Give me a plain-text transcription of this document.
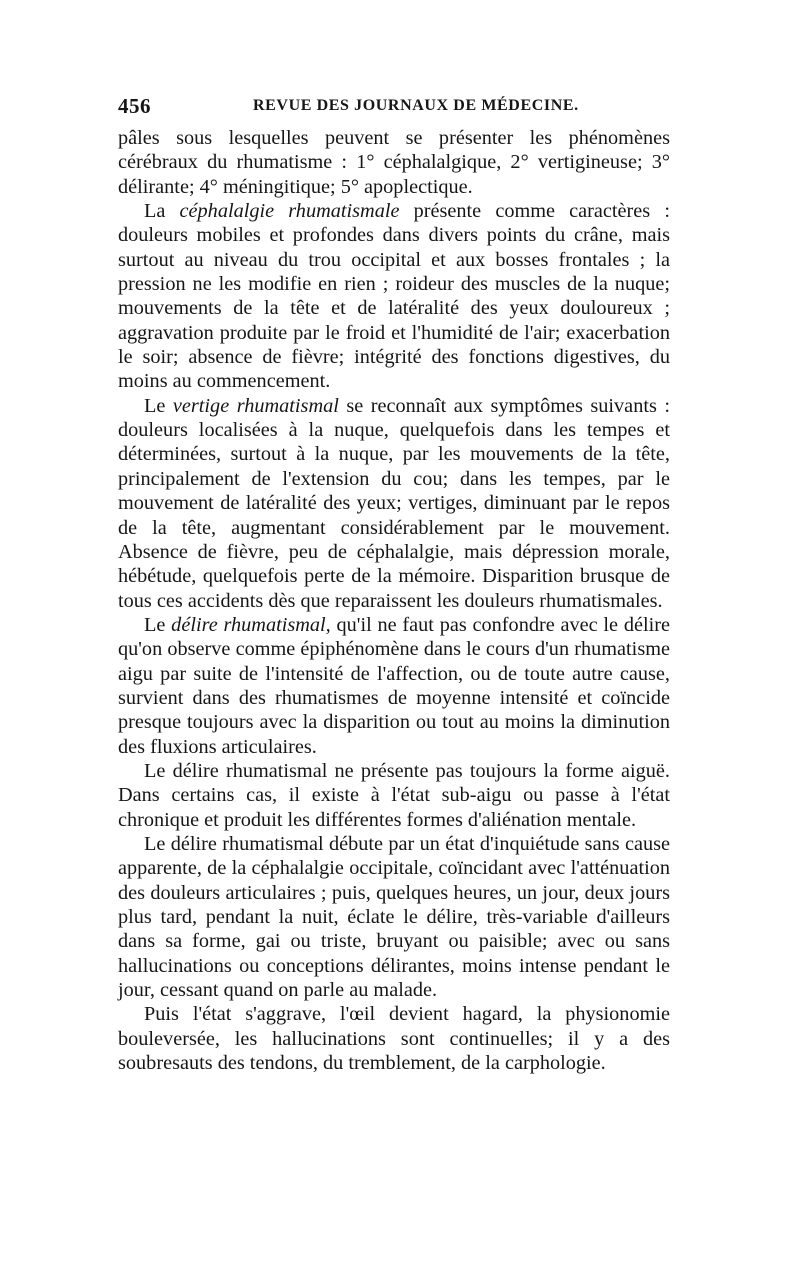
456	REVUE DES JOURNAUX DE MÉDECINE.

pâles sous lesquelles peuvent se présenter les phénomènes cérébraux du rhumatisme : 1° céphalalgique, 2° vertigineuse; 3° délirante; 4° méningitique; 5° apoplectique.

La céphalalgie rhumatismale présente comme caractères : douleurs mobiles et profondes dans divers points du crâne, mais surtout au niveau du trou occipital et aux bosses frontales ; la pression ne les modifie en rien ; roideur des muscles de la nuque; mouvements de la tête et de latéralité des yeux douloureux ; aggravation produite par le froid et l'humidité de l'air; exacerbation le soir; absence de fièvre; intégrité des fonctions digestives, du moins au commencement.

Le vertige rhumatismal se reconnaît aux symptômes suivants : douleurs localisées à la nuque, quelquefois dans les tempes et déterminées, surtout à la nuque, par les mouvements de la tête, principalement de l'extension du cou; dans les tempes, par le mouvement de latéralité des yeux; vertiges, diminuant par le repos de la tête, augmentant considérablement par le mouvement. Absence de fièvre, peu de céphalalgie, mais dépression morale, hébétude, quelquefois perte de la mémoire. Disparition brusque de tous ces accidents dès que reparaissent les douleurs rhumatismales.

Le délire rhumatismal, qu'il ne faut pas confondre avec le délire qu'on observe comme épiphénomène dans le cours d'un rhumatisme aigu par suite de l'intensité de l'affection, ou de toute autre cause, survient dans des rhumatismes de moyenne intensité et coïncide presque toujours avec la disparition ou tout au moins la diminution des fluxions articulaires.

Le délire rhumatismal ne présente pas toujours la forme aiguë. Dans certains cas, il existe à l'état sub-aigu ou passe à l'état chronique et produit les différentes formes d'aliénation mentale.

Le délire rhumatismal débute par un état d'inquiétude sans cause apparente, de la céphalalgie occipitale, coïncidant avec l'atténuation des douleurs articulaires ; puis, quelques heures, un jour, deux jours plus tard, pendant la nuit, éclate le délire, très-variable d'ailleurs dans sa forme, gai ou triste, bruyant ou paisible; avec ou sans hallucinations ou conceptions délirantes, moins intense pendant le jour, cessant quand on parle au malade.

Puis l'état s'aggrave, l'œil devient hagard, la physionomie bouleversée, les hallucinations sont continuelles; il y a des soubresauts des tendons, du tremblement, de la carphologie.
